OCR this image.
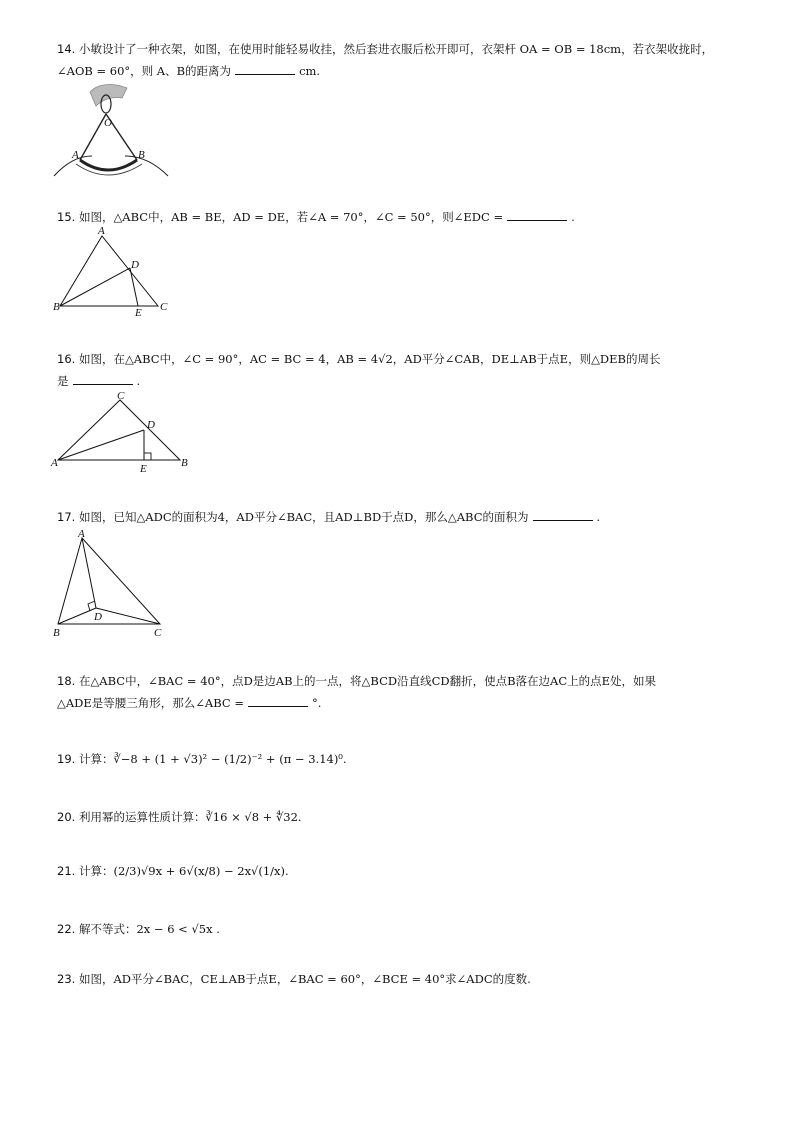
14. 小敏设计了一种衣架，如图，在使用时能轻易收挂，然后套进衣服后松开即可，衣架杆 OA = OB = 18cm，若衣架收拢时，
∠AOB = 60°，则 A、B的距离为	cm.
O
A	B
15. 如图，△ABC中，AB = BE，AD = DE，若∠A = 70°，∠C = 50°，则∠EDC =	.
A
D
B	E C
16. 如图，在△ABC中，∠C = 90°，AC = BC = 4，AB = 4√2，AD平分∠CAB，DE⊥AB于点E，则△DEB的周长
是	.
C
D
A	E	B
17. 如图，已知△ADC的面积为4，AD平分∠BAC，且AD⊥BD于点D，那么△ABC的面积为	.
A
D
B	C
18. 在△ABC中，∠BAC = 40°，点D是边AB上的一点，将△BCD沿直线CD翻折，使点B落在边AC上的点E处，如果
△ADE是等腰三角形，那么∠ABC =	°.
19. 计算：∛−8 + (1 + √3)² − (1/2)⁻² + (π − 3.14)⁰.
20. 利用幂的运算性质计算：∛16 × √8 + ∜32.
21. 计算：(2/3)√9x + 6√(x/8) − 2x√(1/x).
22. 解不等式：2x − 6 < √5x .
23. 如图，AD平分∠BAC，CE⊥AB于点E，∠BAC = 60°，∠BCE = 40°求∠ADC的度数.
